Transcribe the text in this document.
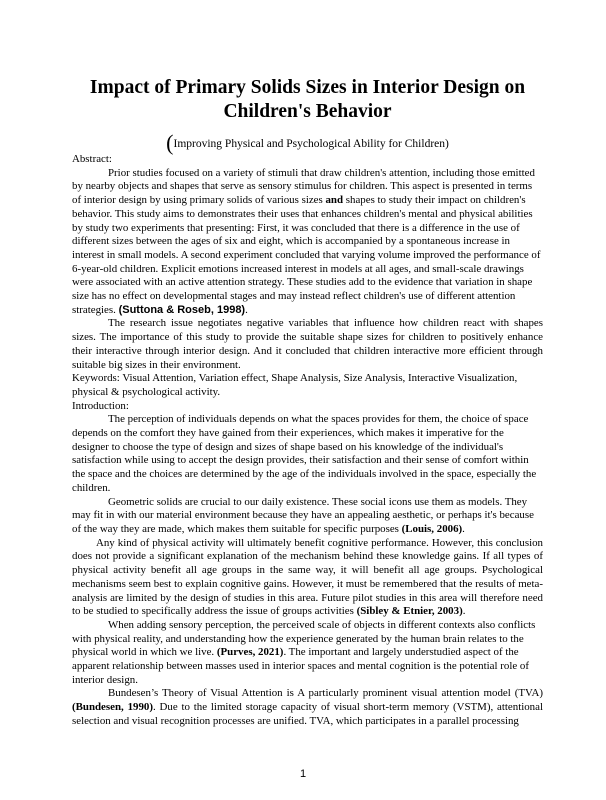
Impact of Primary Solids Sizes in Interior Design on Children's Behavior
(Improving Physical and Psychological Ability for Children)

Abstract:

Prior studies focused on a variety of stimuli that draw children's attention, including those emitted by nearby objects and shapes that serve as sensory stimulus for children. This aspect is presented in terms of interior design by using primary solids of various sizes and shapes to study their impact on children's behavior. This study aims to demonstrates their uses that enhances children's mental and physical abilities by study two experiments that presenting: First, it was concluded that there is a difference in the use of different sizes between the ages of six and eight, which is accompanied by a spontaneous increase in interest in small models. A second experiment concluded that varying volume improved the performance of 6-year-old children. Explicit emotions increased interest in models at all ages, and small-scale drawings were associated with an active attention strategy. These studies add to the evidence that variation in shape size has no effect on developmental stages and may instead reflect children's use of different attention strategies. (Suttona & Roseb, 1998).

The research issue negotiates negative variables that influence how children react with shapes sizes. The importance of this study to provide the suitable shape sizes for children to positively enhance their interactive through interior design. And it concluded that children interactive more efficient through suitable big sizes in their environment.

Keywords: Visual Attention, Variation effect, Shape Analysis, Size Analysis, Interactive Visualization, physical & psychological activity.

Introduction:

The perception of individuals depends on what the spaces provides for them, the choice of space depends on the comfort they have gained from their experiences, which makes it imperative for the designer to choose the type of design and sizes of shape based on his knowledge of the individual's satisfaction while using to accept the design provides, their satisfaction and their sense of comfort within the space and the choices are determined by the age of the individuals involved in the space, especially the children.

Geometric solids are crucial to our daily existence. These social icons use them as models. They may fit in with our material environment because they have an appealing aesthetic, or perhaps it's because of the way they are made, which makes them suitable for specific purposes (Louis, 2006).

Any kind of physical activity will ultimately benefit cognitive performance. However, this conclusion does not provide a significant explanation of the mechanism behind these knowledge gains. If all types of physical activity benefit all age groups in the same way, it will benefit all age groups. Psychological mechanisms seem best to explain cognitive gains. However, it must be remembered that the results of meta-analysis are limited by the design of studies in this area. Future pilot studies in this area will therefore need to be studied to specifically address the issue of groups activities (Sibley & Etnier, 2003).

When adding sensory perception, the perceived scale of objects in different contexts also conflicts with physical reality, and understanding how the experience generated by the human brain relates to the physical world in which we live. (Purves, 2021). The important and largely understudied aspect of the apparent relationship between masses used in interior spaces and mental cognition is the potential role of interior design.

Bundesen’s Theory of Visual Attention is A particularly prominent visual attention model (TVA) (Bundesen, 1990). Due to the limited storage capacity of visual short-term memory (VSTM), attentional selection and visual recognition processes are unified. TVA, which participates in a parallel processing

1
